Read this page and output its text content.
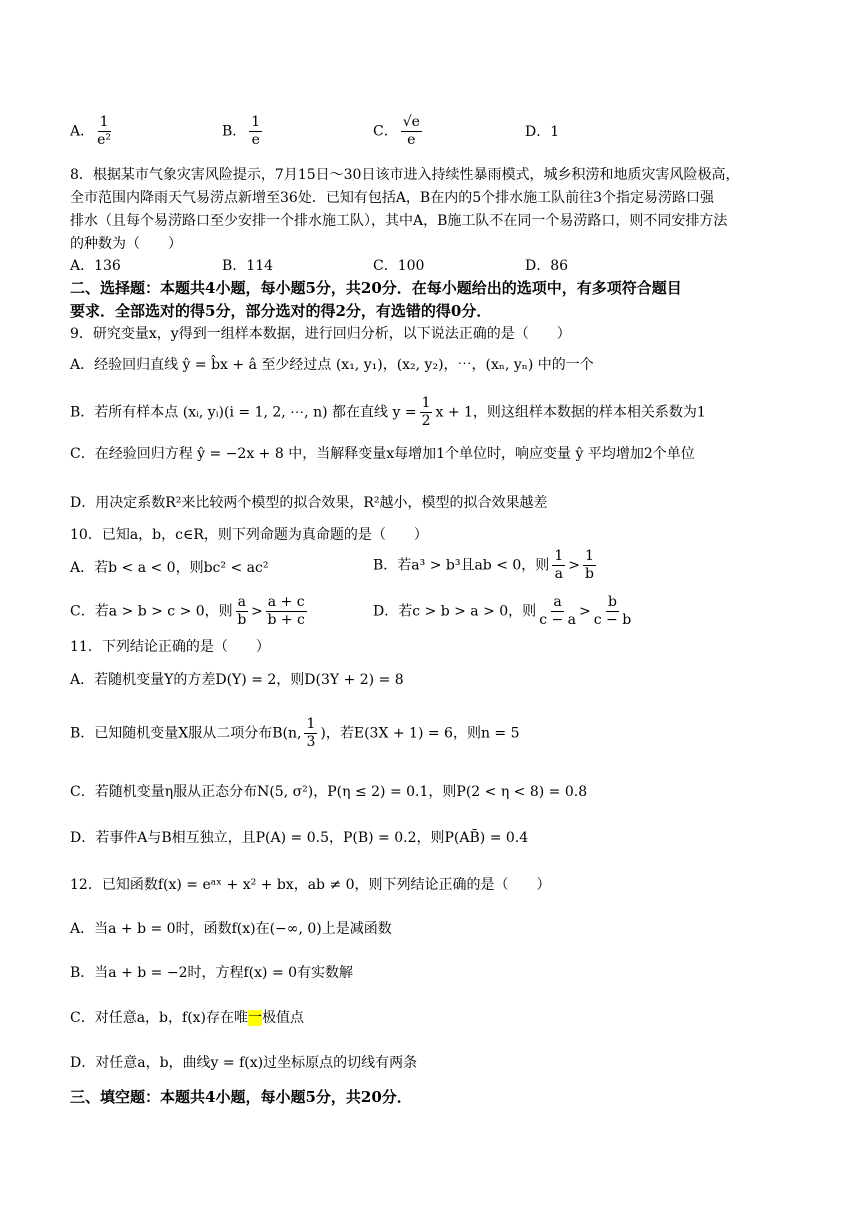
A． $\frac{1}{\text{e²}}$	B． $\frac{1}{e}$	C． $\frac{√e}{e}$	D．1
8．根据某市气象灾害风险提示，7月15日～30日该市进入持续性暴雨模式，城乡积涝和地质灾害风险极高，
全市范围内降雨天气易涝点新增至36处．已知有包括A，B在内的5个排水施工队前往3个指定易涝路口强
排水（且每个易涝路口至少安排一个排水施工队），其中A，B施工队不在同一个易涝路口，则不同安排方法
的种数为（　　）
A．136	B．114	C．100	D．86
二、选择题：本题共4小题，每小题5分，共20分．在每小题给出的选项中，有多项符合题目
要求．全部选对的得5分，部分选对的得2分，有选错的得0分．
9．研究变量x，y得到一组样本数据，进行回归分析，以下说法正确的是（　　）
A．经验回归直线 ŷ = b̂x + â 至少经过点 (x₁, y₁)，(x₂, y₂)，⋯，(xₙ, yₙ) 中的一个
B．若所有样本点 (xᵢ, yᵢ)(i = 1, 2, ⋯, n) 都在直线 $y = \frac{1}{2}$ x + 1，则这组样本数据的样本相关系数为1
C．在经验回归方程 ŷ = −2x + 8 中，当解释变量x每增加1个单位时，响应变量 ŷ 平均增加2个单位
D．用决定系数R²来比较两个模型的拟合效果，R²越小，模型的拟合效果越差
10．已知a，b，c∈R，则下列命题为真命题的是（　　）
A．若b < a < 0，则bc² < ac²	B．若a³ > b³且ab < 0，则 $\frac{1}{a} > \frac{1}{b}$
C．若a > b > c > 0，则 $\frac{a}{b} > \frac{a + c}{b + c}$	D．若c > b > a > 0，则 $\frac{a}{c - a} > \frac{b}{c - b}$
11．下列结论正确的是（　　）
A．若随机变量Y的方差D(Y) = 2，则D(3Y + 2) = 8
B．已知随机变量X服从二项分布B(n, $\frac{1}{3}$ )，若E(3X + 1) = 6，则n = 5
C．若随机变量η服从正态分布N(5, σ²)，P(η ≤ 2) = 0.1，则P(2 < η < 8) = 0.8
D．若事件A与B相互独立，且P(A) = 0.5，P(B) = 0.2，则P(AB̄) = 0.4
12．已知函数f(x) = eᵃˣ + x² + bx，ab ≠ 0，则下列结论正确的是（　　）
A．当a + b = 0时，函数f(x)在(−∞, 0)上是减函数
B．当a + b = −2时，方程f(x) = 0有实数解
C．对任意a，b，f(x)存在唯一极值点
D．对任意a，b，曲线y = f(x)过坐标原点的切线有两条
三、填空题：本题共4小题，每小题5分，共20分．
